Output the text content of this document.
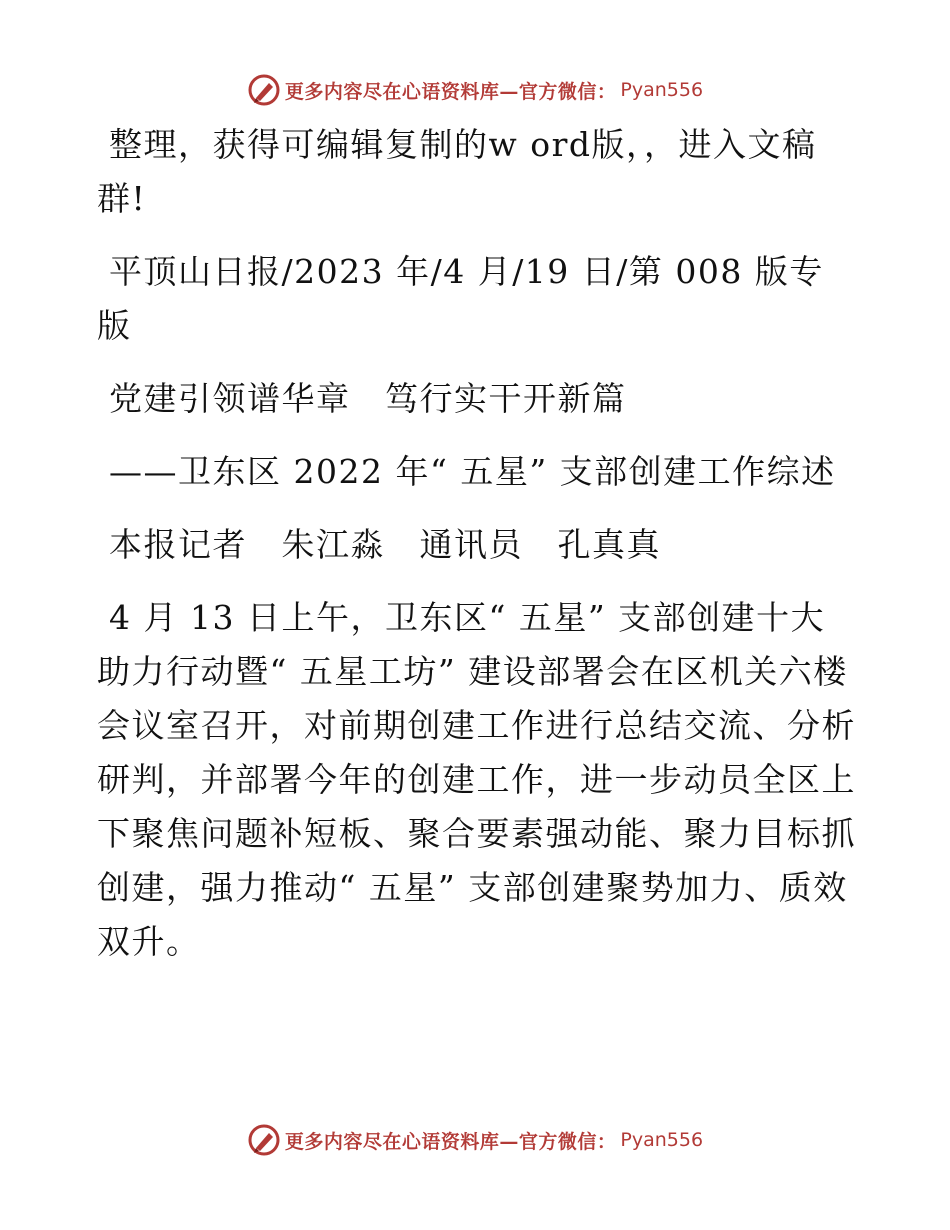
更多内容尽在心语资料库—官方微信： Pyan556

整理，获得可编辑复制的w ord版，，进入文稿群!

平顶山日报/2023 年/4 月/19 日/第 008 版专版

党建引领谱华章　笃行实干开新篇

——卫东区 2022 年“ 五星” 支部创建工作综述

本报记者　朱江淼　通讯员　孔真真

4 月 13 日上午，卫东区“ 五星” 支部创建十大助力行动暨“ 五星工坊” 建设部署会在区机关六楼会议室召开，对前期创建工作进行总结交流、分析研判，并部署今年的创建工作，进一步动员全区上下聚焦问题补短板、聚合要素强动能、聚力目标抓创建，强力推动“ 五星” 支部创建聚势加力、质效双升。

更多内容尽在心语资料库—官方微信： Pyan556
